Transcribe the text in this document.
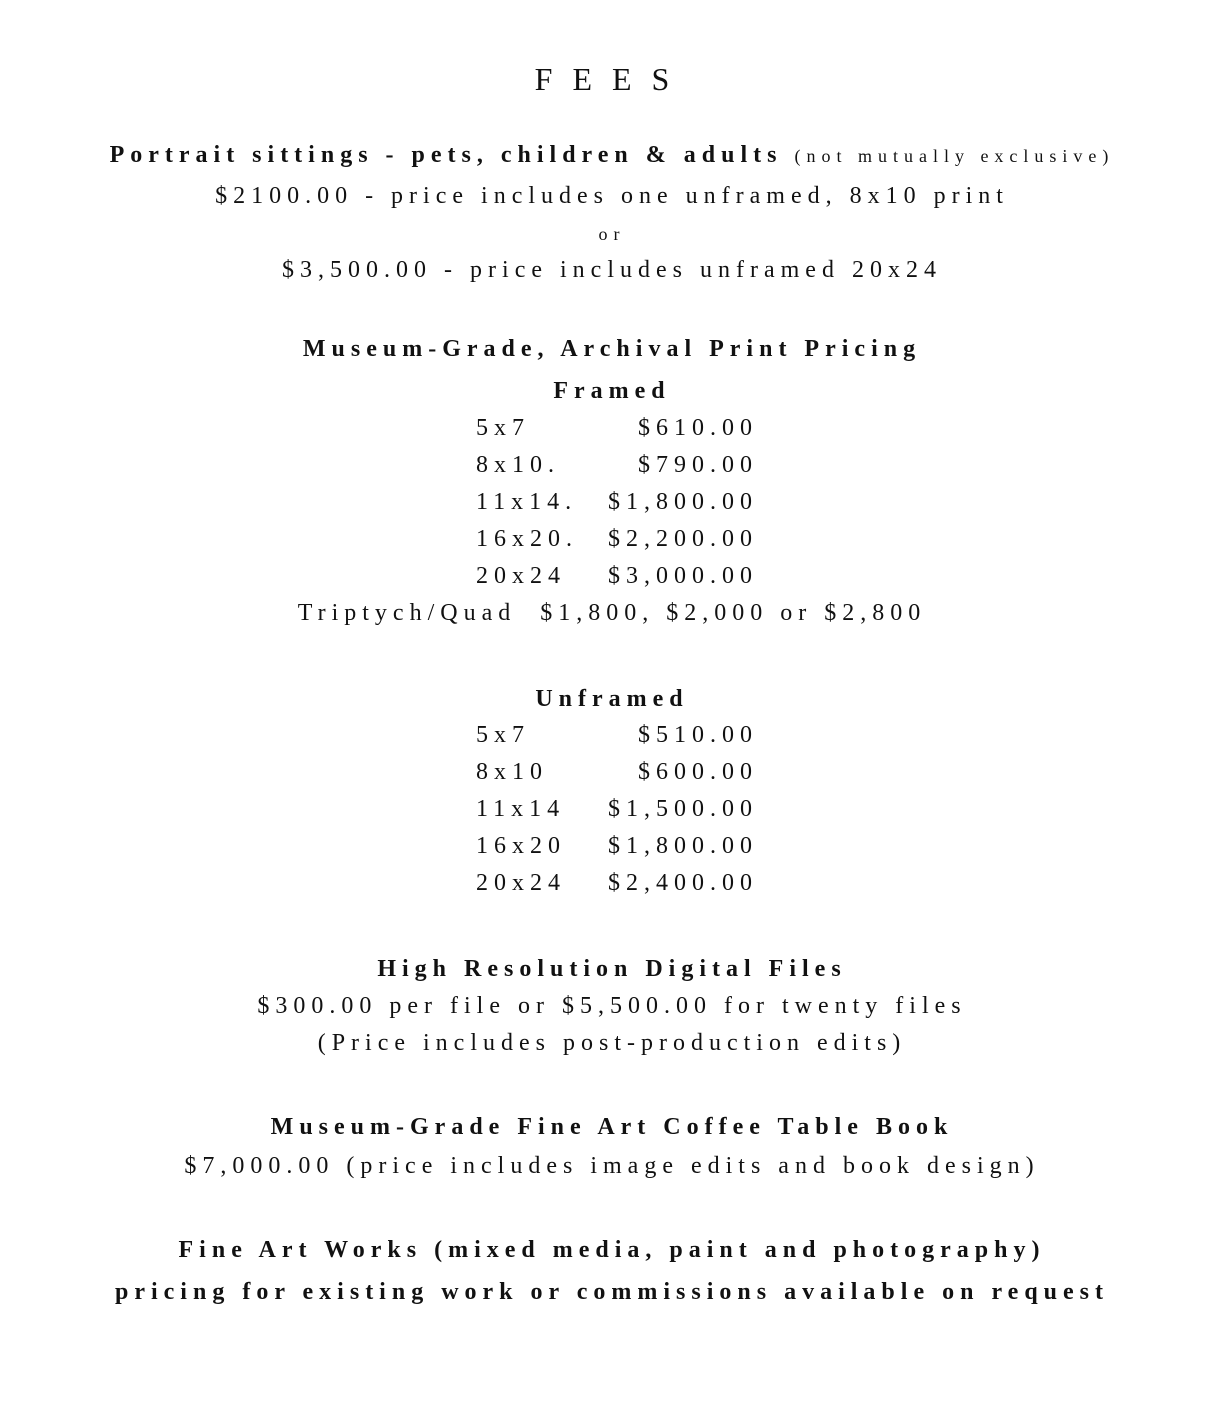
FEES
Portrait sittings - pets, children & adults (not mutually exclusive)
$2100.00 - price includes one unframed, 8x10 print
or
$3,500.00 - price includes unframed 20x24
Museum-Grade, Archival Print Pricing
Framed
5x7	$610.00
8x10.	$790.00
11x14. $1,800.00
16x20. $2,200.00
20x24 $3,000.00
Triptych/Quad  $1,800, $2,000 or $2,800
Unframed
5x7	$510.00
8x10	$600.00
11x14 $1,500.00
16x20 $1,800.00
20x24 $2,400.00
High Resolution Digital Files
$300.00 per file or $5,500.00 for twenty files
(Price includes post-production edits)
Museum-Grade Fine Art Coffee Table Book
$7,000.00 (price includes image edits and book design)
Fine Art Works (mixed media, paint and photography)
pricing for existing work or commissions available on request
